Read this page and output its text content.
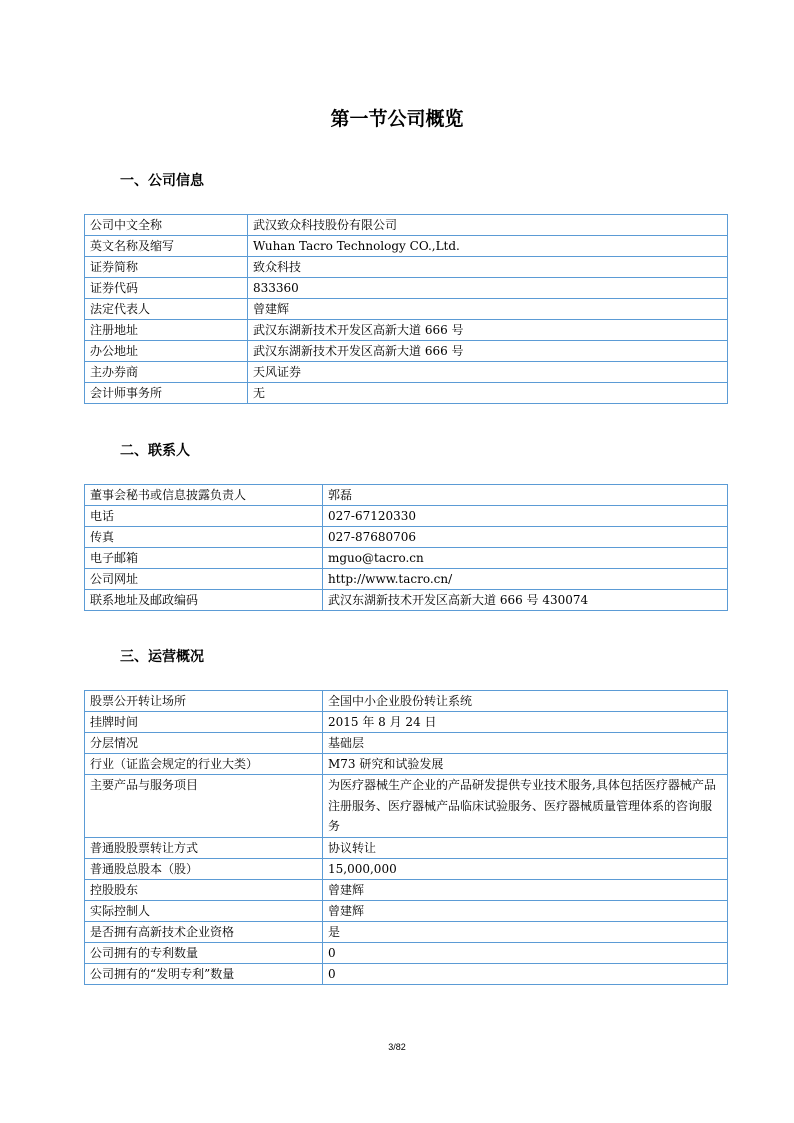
第一节公司概览
一、公司信息
公司中文全称	武汉致众科技股份有限公司
英文名称及缩写	Wuhan Tacro Technology CO.,Ltd.
证券简称	致众科技
证券代码	833360
法定代表人	曾建辉
注册地址	武汉东湖新技术开发区高新大道 666 号
办公地址	武汉东湖新技术开发区高新大道 666 号
主办券商	天风证券
会计师事务所	无
二、联系人
董事会秘书或信息披露负责人	郭磊
电话	027-67120330
传真	027-87680706
电子邮箱	mguo@tacro.cn
公司网址	http://www.tacro.cn/
联系地址及邮政编码	武汉东湖新技术开发区高新大道 666 号 430074
三、运营概况
股票公开转让场所	全国中小企业股份转让系统
挂牌时间	2015 年 8 月 24 日
分层情况	基础层
行业（证监会规定的行业大类）	M73 研究和试验发展
主要产品与服务项目	为医疗器械生产企业的产品研发提供专业技术服务,具体包括医疗器械产品注册服务、医疗器械产品临床试验服务、医疗器械质量管理体系的咨询服务
普通股股票转让方式	协议转让
普通股总股本（股）	15,000,000
控股股东	曾建辉
实际控制人	曾建辉
是否拥有高新技术企业资格	是
公司拥有的专利数量	0
公司拥有的“发明专利”数量	0
3/82
